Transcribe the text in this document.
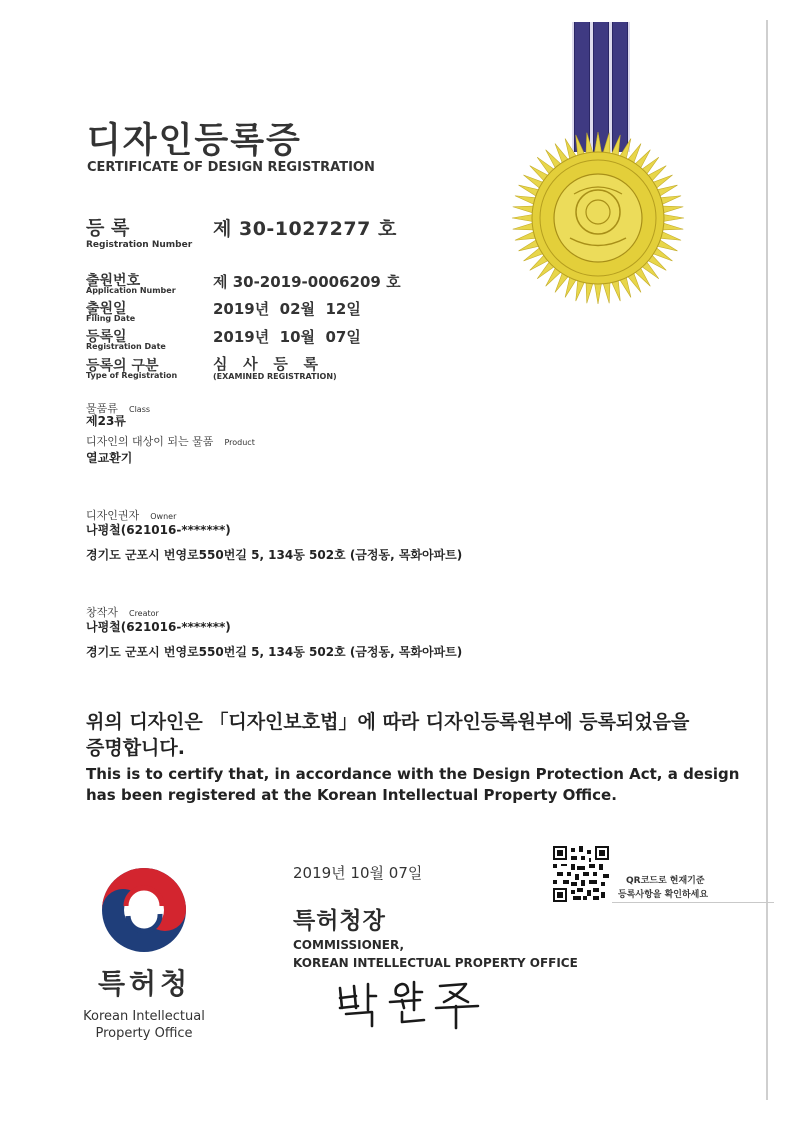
디자인등록증
CERTIFICATE OF DESIGN REGISTRATION
등 록
Registration Number
제 30-1027277 호
출원번호
Application Number 제 30-2019-0006209 호
출원일
Filing Date
2019년  02월  12일
등록일
Registration Date
2019년  10월  07일
등록의 구분
Type of Registration
심   사   등   록
(EXAMINED REGISTRATION)
물품류 Class
제23류
디자인의 대상이 되는 물품 Product
열교환기
디자인권자 Owner
나평철(621016-*******)
경기도 군포시 번영로550번길 5, 134동 502호 (금정동, 목화아파트)
창작자 Creator
나평철(621016-*******)
경기도 군포시 번영로550번길 5, 134동 502호 (금정동, 목화아파트)
위의 디자인은 「디자인보호법」에 따라 디자인등록원부에 등록되었음을
증명합니다.
This is to certify that, in accordance with the Design Protection Act, a design
has been registered at the Korean Intellectual Property Office.
2019년 10월 07일	QR코드로 현재기준
등록사항을 확인하세요
특허청
Korean Intellectual
Property Office
특허청장
COMMISSIONER,
KOREAN INTELLECTUAL PROPERTY OFFICE
